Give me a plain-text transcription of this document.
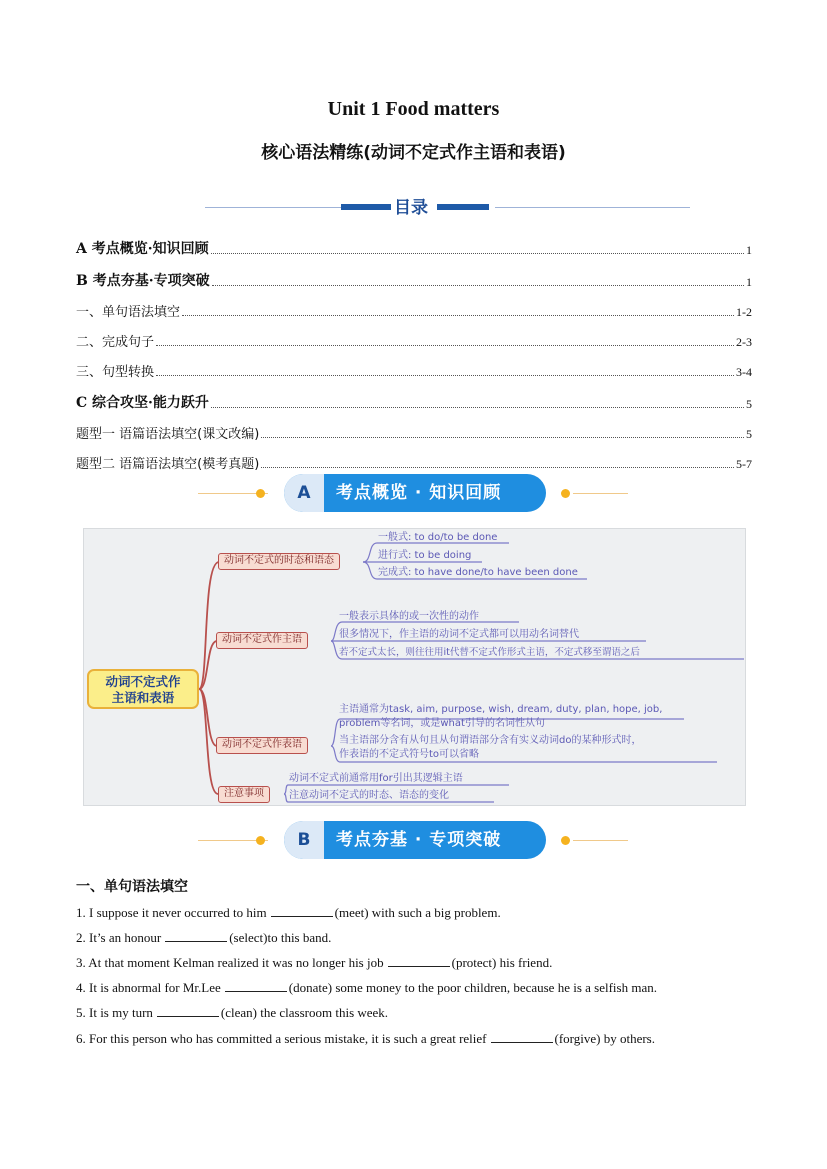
Unit 1 Food matters
核心语法精练(动词不定式作主语和表语)
目录
A 考点概览·知识回顾	1
B 考点夯基·专项突破	1
一、单句语法填空	1-2
二、完成句子	2-3
三、句型转换	3-4
C 综合攻坚·能力跃升	5
题型一 语篇语法填空(课文改编)	5
题型二 语篇语法填空(模考真题)	5-7
A	考点概览 · 知识回顾
动词不定式作
主语和表语
动词不定式的时态和语态
一般式: to do/to be done
进行式: to be doing
完成式: to have done/to have been done
动词不定式作主语
一般表示具体的或一次性的动作
很多情况下，作主语的动词不定式都可以用动名词替代
若不定式太长，则往往用it代替不定式作形式主语，不定式移至谓语之后
动词不定式作表语
主语通常为task, aim, purpose, wish, dream, duty, plan, hope, job,
problem等名词，或是what引导的名词性从句
当主语部分含有从句且从句谓语部分含有实义动词do的某种形式时，
作表语的不定式符号to可以省略
注意事项
动词不定式前通常用for引出其逻辑主语
注意动词不定式的时态、语态的变化
B	考点夯基 · 专项突破
一、单句语法填空
1. I suppose it never occurred to him	(meet) with such a big problem.
2. It’s an honour	(select)to this band.
3. At that moment Kelman realized it was no longer his job	(protect) his friend.
4. It is abnormal for Mr.Lee	(donate) some money to the poor children, because he is a selfish man.
5. It is my turn	(clean) the classroom this week.
6. For this person who has committed a serious mistake, it is such a great relief	(forgive) by others.
